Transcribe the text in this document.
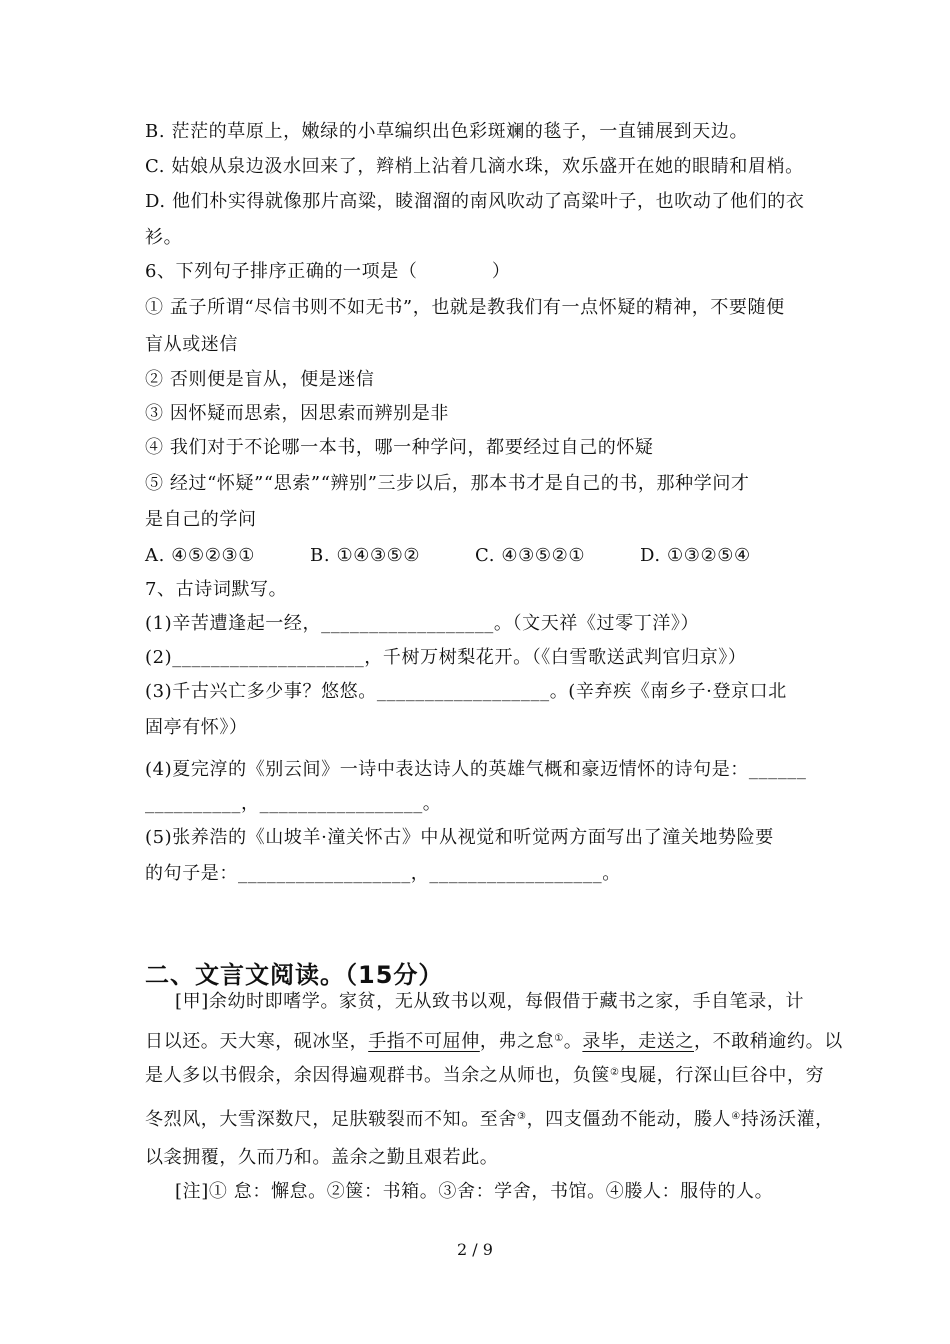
B. 茫茫的草原上，嫩绿的小草编织出色彩斑斓的毯子，一直铺展到天边。
C. 姑娘从泉边汲水回来了，辫梢上沾着几滴水珠，欢乐盛开在她的眼睛和眉梢。
D. 他们朴实得就像那片高粱，睖溜溜的南风吹动了高粱叶子，也吹动了他们的衣
衫。
6、下列句子排序正确的一项是（　　　　）
① 孟子所谓“尽信书则不如无书”，也就是教我们有一点怀疑的精神，不要随便
盲从或迷信
② 否则便是盲从，便是迷信
③ 因怀疑而思索，因思索而辨别是非
④ 我们对于不论哪一本书，哪一种学问，都要经过自己的怀疑
⑤ 经过“怀疑”“思索”“辨别”三步以后，那本书才是自己的书，那种学问才
是自己的学问
A. ④⑤②③①	B. ①④③⑤②	C. ④③⑤②①	D. ①③②⑤④
7、古诗词默写。
(1)辛苦遭逢起一经，__________________。（文天祥《过零丁洋》）
(2)____________________，千树万树梨花开。（《白雪歌送武判官归京》）
(3)千古兴亡多少事？悠悠。__________________。(辛弃疾《南乡子·登京口北
固亭有怀》）
(4)夏完淳的《别云间》一诗中表达诗人的英雄气概和豪迈情怀的诗句是：______
__________，_________________。
(5)张养浩的《山坡羊·潼关怀古》中从视觉和听觉两方面写出了潼关地势险要
的句子是：__________________，__________________。
二、文言文阅读。（15分）
[甲]余幼时即嗜学。家贫，无从致书以观，每假借于藏书之家，手自笔录，计
日以还。天大寒，砚冰坚，手指不可屈伸，弗之怠①。录毕，走送之，不敢稍逾约。以
是人多以书假余，余因得遍观群书。当余之从师也，负箧②曳屣，行深山巨谷中，穷
冬烈风，大雪深数尺，足肤皲裂而不知。至舍③，四支僵劲不能动，媵人④持汤沃灌，
以衾拥覆，久而乃和。盖余之勤且艰若此。
[注]① 怠：懈怠。②箧：书箱。③舍：学舍，书馆。④媵人：服侍的人。
2 / 9
